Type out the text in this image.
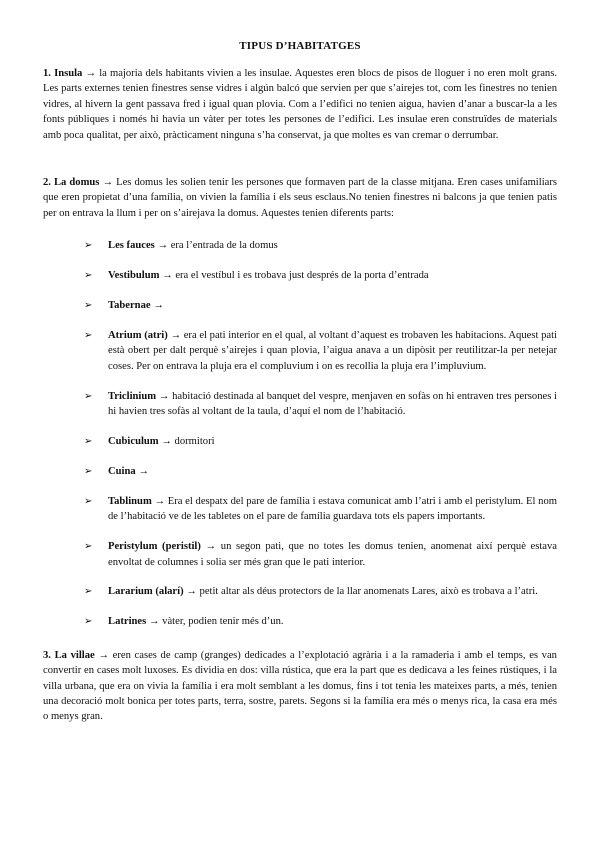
TIPUS D’HABITATGES

1. Insula → la majoria dels habitants vivien a les insulae. Aquestes eren blocs de pisos de lloguer i no eren molt grans. Les parts externes tenien finestres sense vidres i algún balcó que servien per que s’airejes tot, com les finestres no tenien vidres, al hivern la gent passava fred i igual quan plovia. Com a l’edifici no tenien aigua, havien d’anar a buscar-la a les fonts públiques i només hi havia un vàter per totes les persones de l’edifici. Les insulae eren construïdes de materials amb poca qualitat, per això, pràcticament ninguna s’ha conservat, ja que moltes es van cremar o derrumbar.

2. La domus → Les domus les solien tenir les persones que formaven part de la classe mitjana. Eren cases unifamiliars que eren propietat d’una família, on vivien la família i els seus esclaus.No tenien finestres ni balcons ja que tenien patis per on entrava la llum i per on s’airejava la domus. Aquestes tenien diferents parts:

➢ Les fauces → era l’entrada de la domus
➢ Vestibulum → era el vestíbul i es trobava just després de la porta d’entrada
➢ Tabernae →
➢ Atrium (atri) → era el pati interior en el qual, al voltant d’aquest es trobaven les habitacions. Aquest pati està obert per dalt perquè s’airejes i quan plovia, l’aigua anava a un dipòsit per reutilitzar-la per netejar coses. Per on entrava la pluja era el compluvium i on es recollia la pluja era l’impluvium.
➢ Triclinium → habitació destinada al banquet del vespre, menjaven en sofàs on hi entraven tres persones i hi havien tres sofàs al voltant de la taula, d’aquí el nom de l’habitació.
➢ Cubiculum → dormitori
➢ Cuina →
➢ Tablinum → Era el despatx del pare de família i estava comunicat amb l’atri i amb el peristylum. El nom de l’habitació ve de les tabletes on el pare de família guardava tots els papers importants.
➢ Peristylum (peristil) → un segon pati, que no totes les domus tenien, anomenat així perquè estava envoltat de columnes i solia ser més gran que le pati interior.
➢ Lararium (alarí) → petit altar als déus protectors de la llar anomenats Lares, això es trobava a l’atri.
➢ Latrines → vàter, podien tenir més d’un.

3. La villae → eren cases de camp (granges) dedicades a l’explotació agrària i a la ramaderia i amb el temps, es van convertir en cases molt luxoses. Es dividia en dos: villa rústica, que era la part que es dedicava a les feines rústiques, i la villa urbana, que era on vivia la família i era molt semblant a les domus, fins i tot tenia les mateixes parts, a més, tenien una decoració molt bonica per totes parts, terra, sostre, parets. Segons si la família era més o menys rica, la casa era més o menys gran.
